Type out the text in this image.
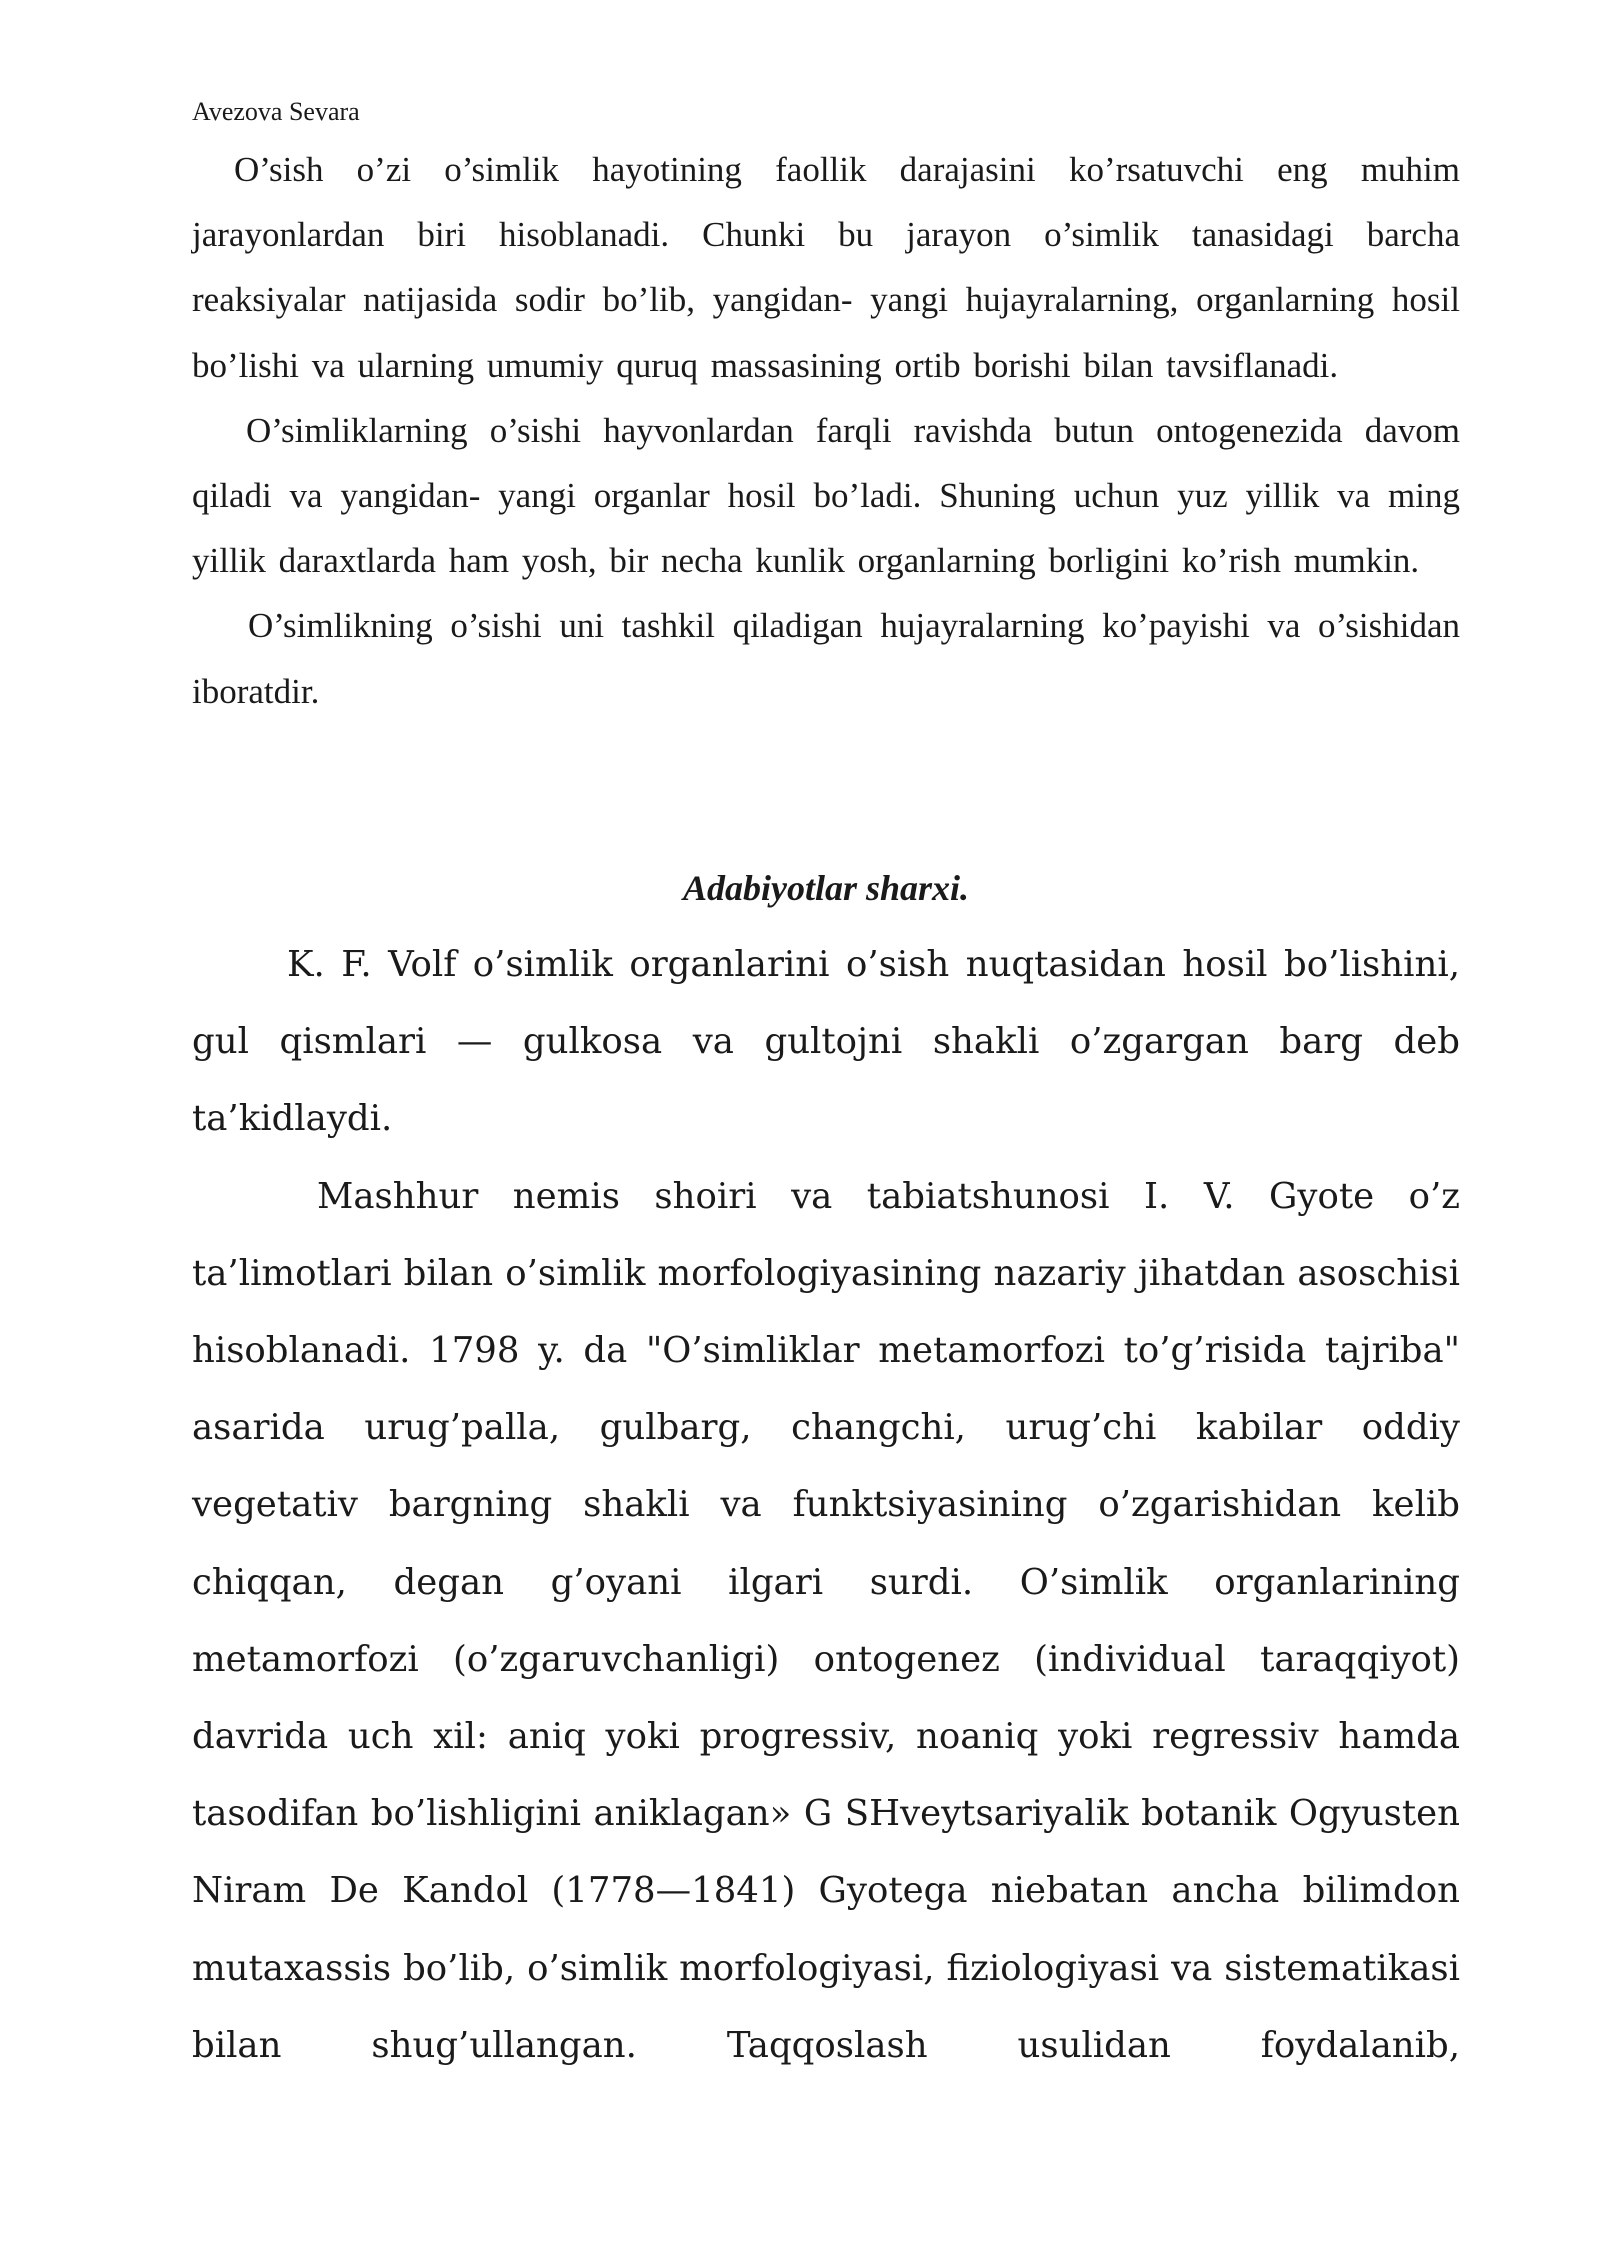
Avezova Sevara

O’sish o’zi o’simlik hayotining faollik darajasini ko’rsatuvchi eng muhim jarayonlardan biri hisoblanadi. Chunki bu jarayon o’simlik tanasidagi barcha reaksiyalar natijasida sodir bo’lib, yangidan- yangi hujayralarning, organlarning hosil bo’lishi va ularning umumiy quruq massasining ortib borishi bilan tavsiflanadi.

O’simliklarning o’sishi hayvonlardan farqli ravishda butun ontogenezida davom qiladi va yangidan- yangi organlar hosil bo’ladi. Shuning uchun yuz yillik va ming yillik daraxtlarda ham yosh, bir necha kunlik organlarning borligini ko’rish mumkin.

O’simlikning o’sishi uni tashkil qiladigan hujayralarning ko’payishi va o’sishidan iboratdir.

Adabiyotlar sharxi.

K. F. Volf o’simlik organlarini o’sish nuqtasidan hosil bo’lishini, gul qismlari — gulkosa va gultojni shakli o’zgargan barg deb ta’kidlaydi.

Mashhur nemis shoiri va tabiatshunosi I. V. Gyote o’z ta’limotlari bilan o’simlik morfologiyasining nazariy jihatdan asoschisi hisoblanadi. 1798 y. da "O’simliklar metamorfozi to’g’risida tajriba" asarida urug’palla, gulbarg, changchi, urug’chi kabilar oddiy vegetativ bargning shakli va funktsiyasining o’zgarishidan kelib chiqqan, degan g’oyani ilgari surdi. O’simlik organlarining metamorfozi (o’zgaruvchanligi) ontogenez (individual taraqqiyot) davrida uch xil: aniq yoki progressiv, noaniq yoki regressiv hamda tasodifan bo’lishligini aniklagan» G SHveytsariyalik botanik Ogyusten Niram De Kandol (1778—1841) Gyotega niebatan ancha bilimdon mutaxassis bo’lib, o’simlik morfologiyasi, fiziologiyasi va sistematikasi bilan shug’ullangan. Taqqoslash usulidan foydalanib,
